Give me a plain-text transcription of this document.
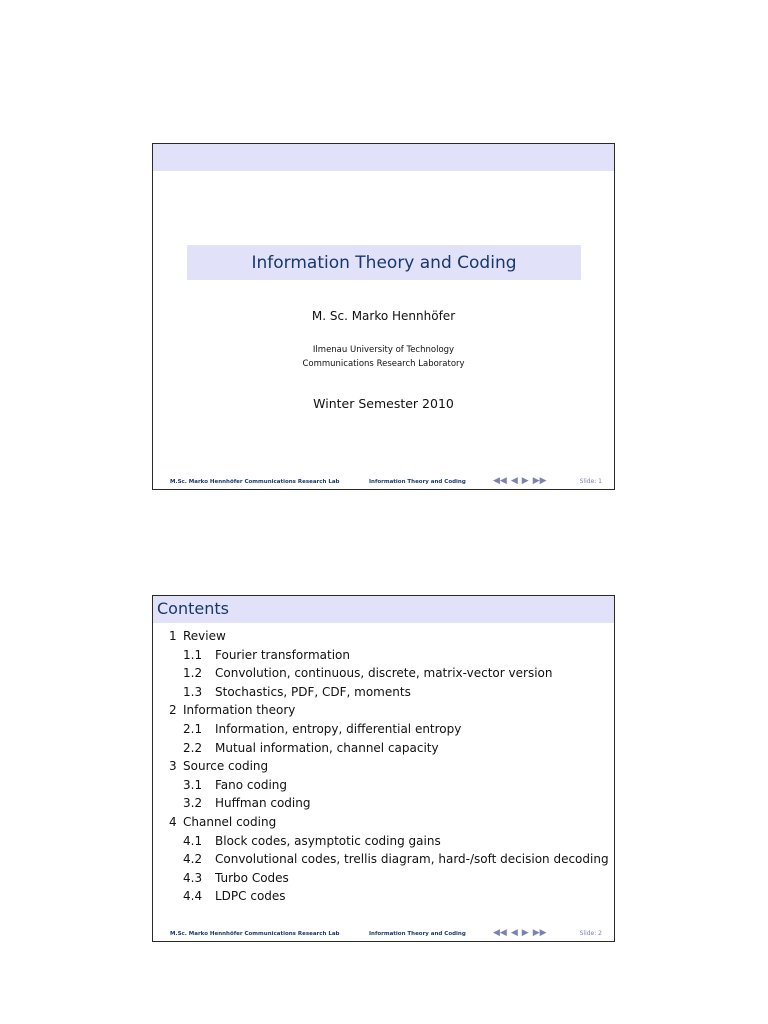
Information Theory and Coding
M. Sc. Marko Hennhöfer
Ilmenau University of Technology
Communications Research Laboratory
Winter Semester 2010
M.Sc. Marko Hennhöfer Communications Research Lab	Information Theory and Coding	◀◀ ◀ ▶ ▶▶	Slide: 1
Contents
1 Review
1.1 Fourier transformation
1.2 Convolution, continuous, discrete, matrix-vector version
1.3 Stochastics, PDF, CDF, moments
2 Information theory
2.1 Information, entropy, differential entropy
2.2 Mutual information, channel capacity
3 Source coding
3.1 Fano coding
3.2 Huffman coding
4 Channel coding
4.1 Block codes, asymptotic coding gains
4.2 Convolutional codes, trellis diagram, hard-/soft decision decoding
4.3 Turbo Codes
4.4 LDPC codes
M.Sc. Marko Hennhöfer Communications Research Lab	Information Theory and Coding	◀◀ ◀ ▶ ▶▶	Slide: 2
